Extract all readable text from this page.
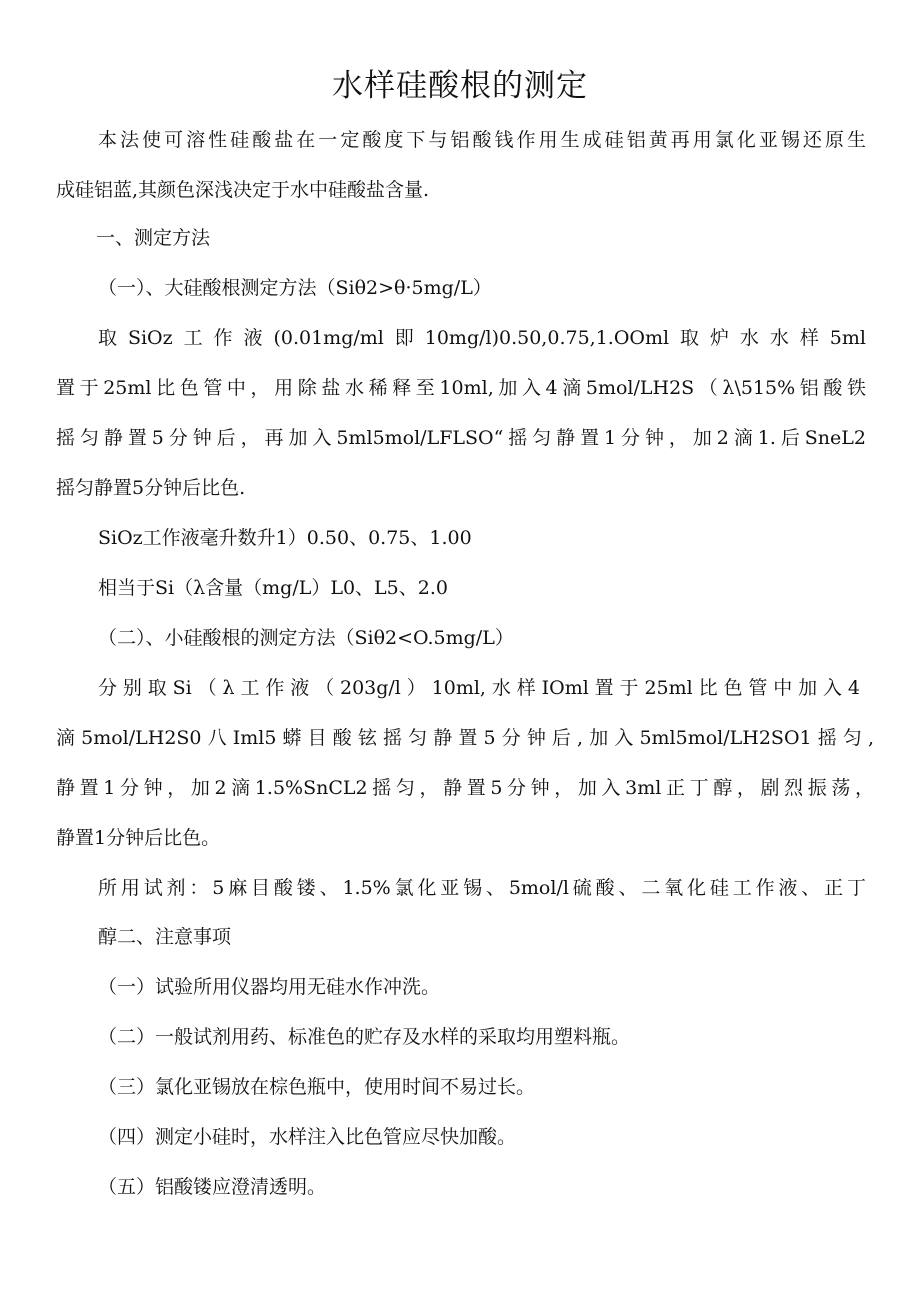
水样硅酸根的测定
本法使可溶性硅酸盐在一定酸度下与铝酸钱作用生成硅铝黄再用氯化亚锡还原生
成硅铝蓝,其颜色深浅决定于水中硅酸盐含量.
一、测定方法
（一）、大硅酸根测定方法（Siθ2>θ·5mg∕L）
取SiOz工作液(0.01mg∕ml即10mg∕l)0.50,0.75,1.OOml取炉水水样5ml
置于25ml比色管中，用除盐水稀释至10ml,加入4滴5mol∕LH2S（λ\515%铝酸铁
摇匀静置5分钟后，再加入5ml5mol∕LFLSO“摇匀静置1分钟，加2滴1.后SneL2
摇匀静置5分钟后比色.
SiOz工作液毫升数升1）0.50、0.75、1.00
相当于Si（λ含量（mg∕L）L0、L5、2.0
（二）、小硅酸根的测定方法（Siθ2<O.5mg∕L）
分别取Si（λ工作液（203g∕l）10ml,水样IOml置于25ml比色管中加入4
滴5mol∕LH2S0八Iml5蟒目酸铉摇匀静置5分钟后,加入5ml5mol∕LH2SO1摇匀,
静置1分钟，加2滴1.5%SnCL2摇匀，静置5分钟，加入3ml正丁醇，剧烈振荡，
静置1分钟后比色。
所用试剂：5麻目酸镂、1.5%氯化亚锡、5mol∕l硫酸、二氧化硅工作液、正丁
醇二、注意事项
（一）试验所用仪器均用无硅水作冲洗。
（二）一般试剂用药、标准色的贮存及水样的采取均用塑料瓶。
（三）氯化亚锡放在棕色瓶中，使用时间不易过长。
（四）测定小硅时，水样注入比色管应尽快加酸。
（五）铝酸镂应澄清透明。
